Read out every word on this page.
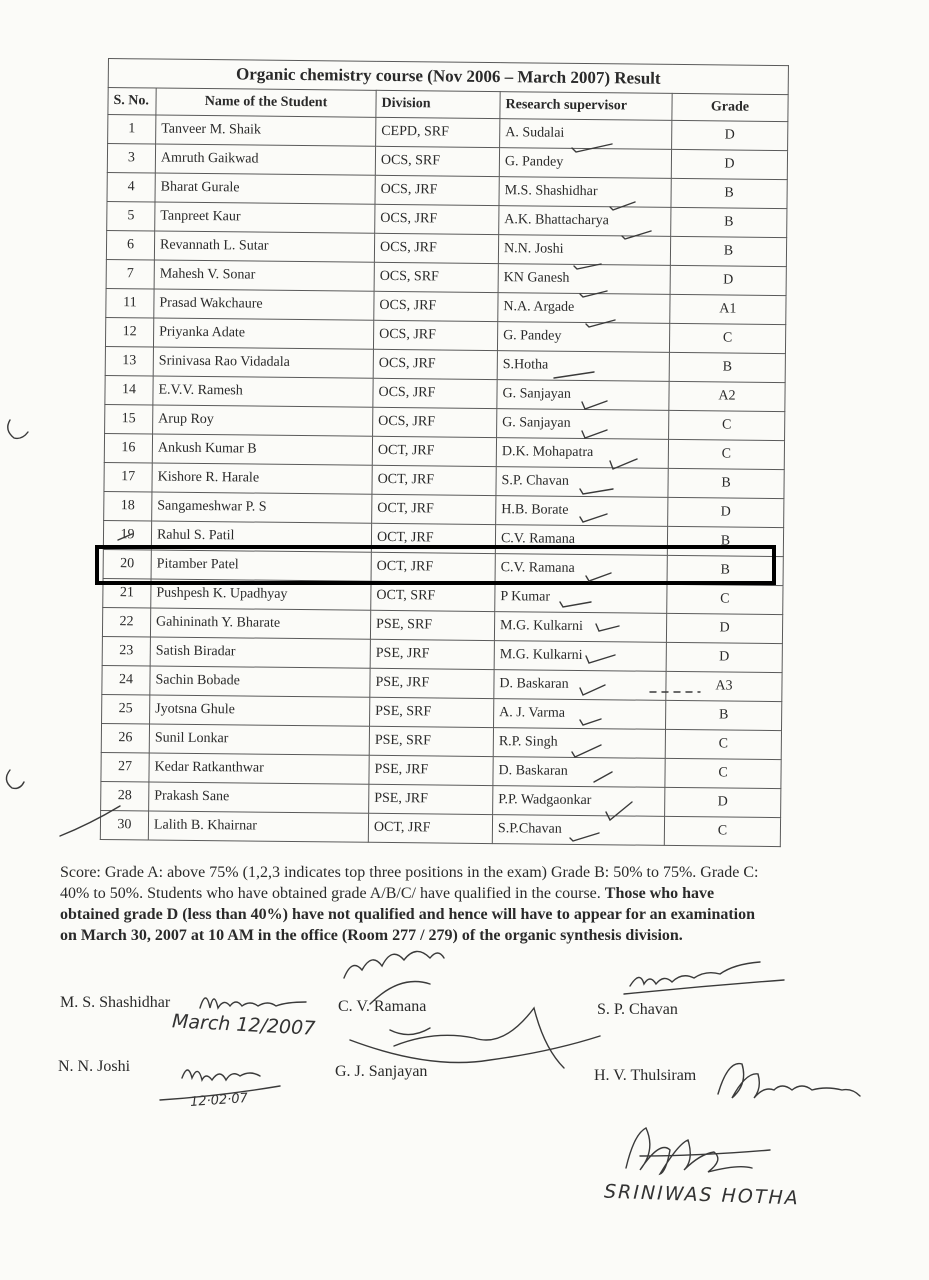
Organic chemistry course (Nov 2006 – March 2007) Result				
S. No.	Name of the Student	Division	Research supervisor	Grade
1	Tanveer M. Shaik	CEPD, SRF	A. Sudalai	D
3	Amruth Gaikwad	OCS, SRF	G. Pandey	D
4	Bharat Gurale	OCS, JRF	M.S. Shashidhar	B
5	Tanpreet Kaur	OCS, JRF	A.K. Bhattacharya	B
6	Revannath L. Sutar	OCS, JRF	N.N. Joshi	B
7	Mahesh V. Sonar	OCS, SRF	KN Ganesh	D
11	Prasad Wakchaure	OCS, JRF	N.A. Argade	A1
12	Priyanka Adate	OCS, JRF	G. Pandey	C
13	Srinivasa Rao Vidadala	OCS, JRF	S.Hotha	B
14	E.V.V. Ramesh	OCS, JRF	G. Sanjayan	A2
15	Arup Roy	OCS, JRF	G. Sanjayan	C
16	Ankush Kumar B	OCT, JRF	D.K. Mohapatra	C
17	Kishore R. Harale	OCT, JRF	S.P. Chavan	B
18	Sangameshwar P. S	OCT, JRF	H.B. Borate	D
19	Rahul S. Patil	OCT, JRF	C.V. Ramana	B
20	Pitamber Patel	OCT, JRF	C.V. Ramana	B
21	Pushpesh K. Upadhyay	OCT, SRF	P Kumar	C
22	Gahininath Y. Bharate	PSE, SRF	M.G. Kulkarni	D
23	Satish Biradar	PSE, JRF	M.G. Kulkarni	D
24	Sachin Bobade	PSE, JRF	D. Baskaran	A3
25	Jyotsna Ghule	PSE, SRF	A. J. Varma	B
26	Sunil Lonkar	PSE, SRF	R.P. Singh	C
27	Kedar Ratkanthwar	PSE, JRF	D. Baskaran	C
28	Prakash Sane	PSE, JRF	P.P. Wadgaonkar	D
30	Lalith B. Khairnar	OCT, JRF	S.P.Chavan	C
Score: Grade A: above 75% (1,2,3 indicates top three positions in the exam) Grade B: 50% to 75%. Grade C: 40% to 50%. Students who have obtained grade A/B/C/ have qualified in the course. Those who have obtained grade D (less than 40%) have not qualified and hence will have to appear for an examination on March 30, 2007 at 10 AM in the office (Room 277 / 279) of the organic synthesis division.
M. S. Shashidhar	C. V. Ramana	S. P. Chavan
N. N. Joshi	G. J. Sanjayan	H. V. Thulsiram
March 12/2007
12·02·07
SRINIWAS HOTHA
